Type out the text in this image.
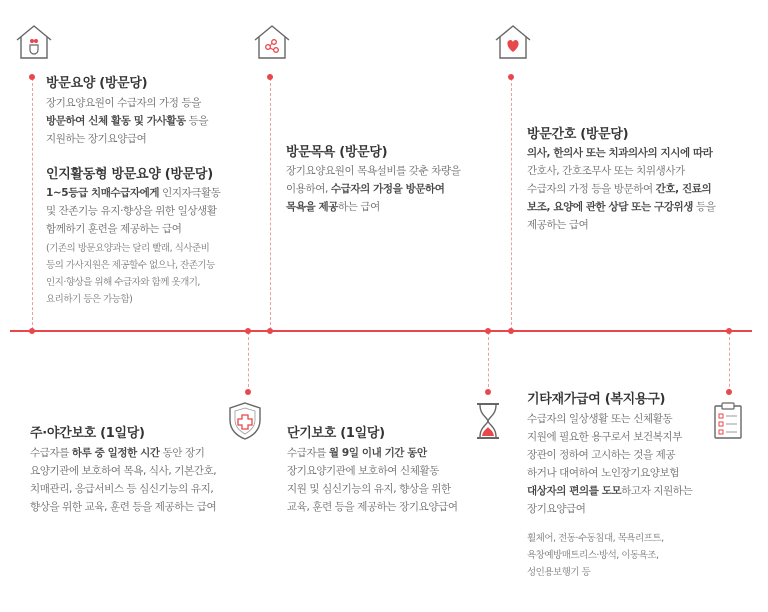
방문요양 (방문당)
장기요양요원이 수급자의 가정 등을
방문하여 신체 활동 및 가사활동 등을
지원하는 장기요양급여
인지활동형 방문요양 (방문당)
1~5등급 치매수급자에게 인지자극활동
및 잔존기능 유지·향상을 위한 일상생활
함께하기 훈련을 제공하는 급여
(기존의 방문요양과는 달리 빨래, 식사준비
등의 가사지원은 제공할수 없으나, 잔존기능
인지·향상을 위해 수급자와 함께 옷개기,
요리하기 등은 가능함)
방문목욕 (방문당)
장기요양요원이 목욕설비를 갖춘 차량을
이용하여, 수급자의 가정을 방문하여
목욕을 제공하는 급여
방문간호 (방문당)
의사, 한의사 또는 치과의사의 지시에 따라
간호사, 간호조무사 또는 치위생사가
수급자의 가정 등을 방문하여 간호, 진료의
보조, 요양에 관한 상담 또는 구강위생 등을
제공하는 급여
주·야간보호 (1일당)
수급자를 하루 중 일정한 시간 동안 장기
요양기관에 보호하여 목욕, 식사, 기본간호,
치매관리, 응급서비스 등 심신기능의 유지,
향상을 위한 교육, 훈련 등을 제공하는 급여
단기보호 (1일당)
수급자를 월 9일 이내 기간 동안
장기요양기관에 보호하여 신체활동
지원 및 심신기능의 유지, 향상을 위한
교육, 훈련 등을 제공하는 장기요양급여
기타재가급여 (복지용구)
수급자의 일상생활 또는 신체활동
지원에 필요한 용구로서 보건복지부
장관이 정하여 고시하는 것을 제공
하거나 대여하여 노인장기요양보험
대상자의 편의를 도모하고자 지원하는
장기요양급여
휠체어, 전동·수동침대, 목욕리프트,
욕창예방매트리스·방석, 이동욕조,
성인용보행기 등
